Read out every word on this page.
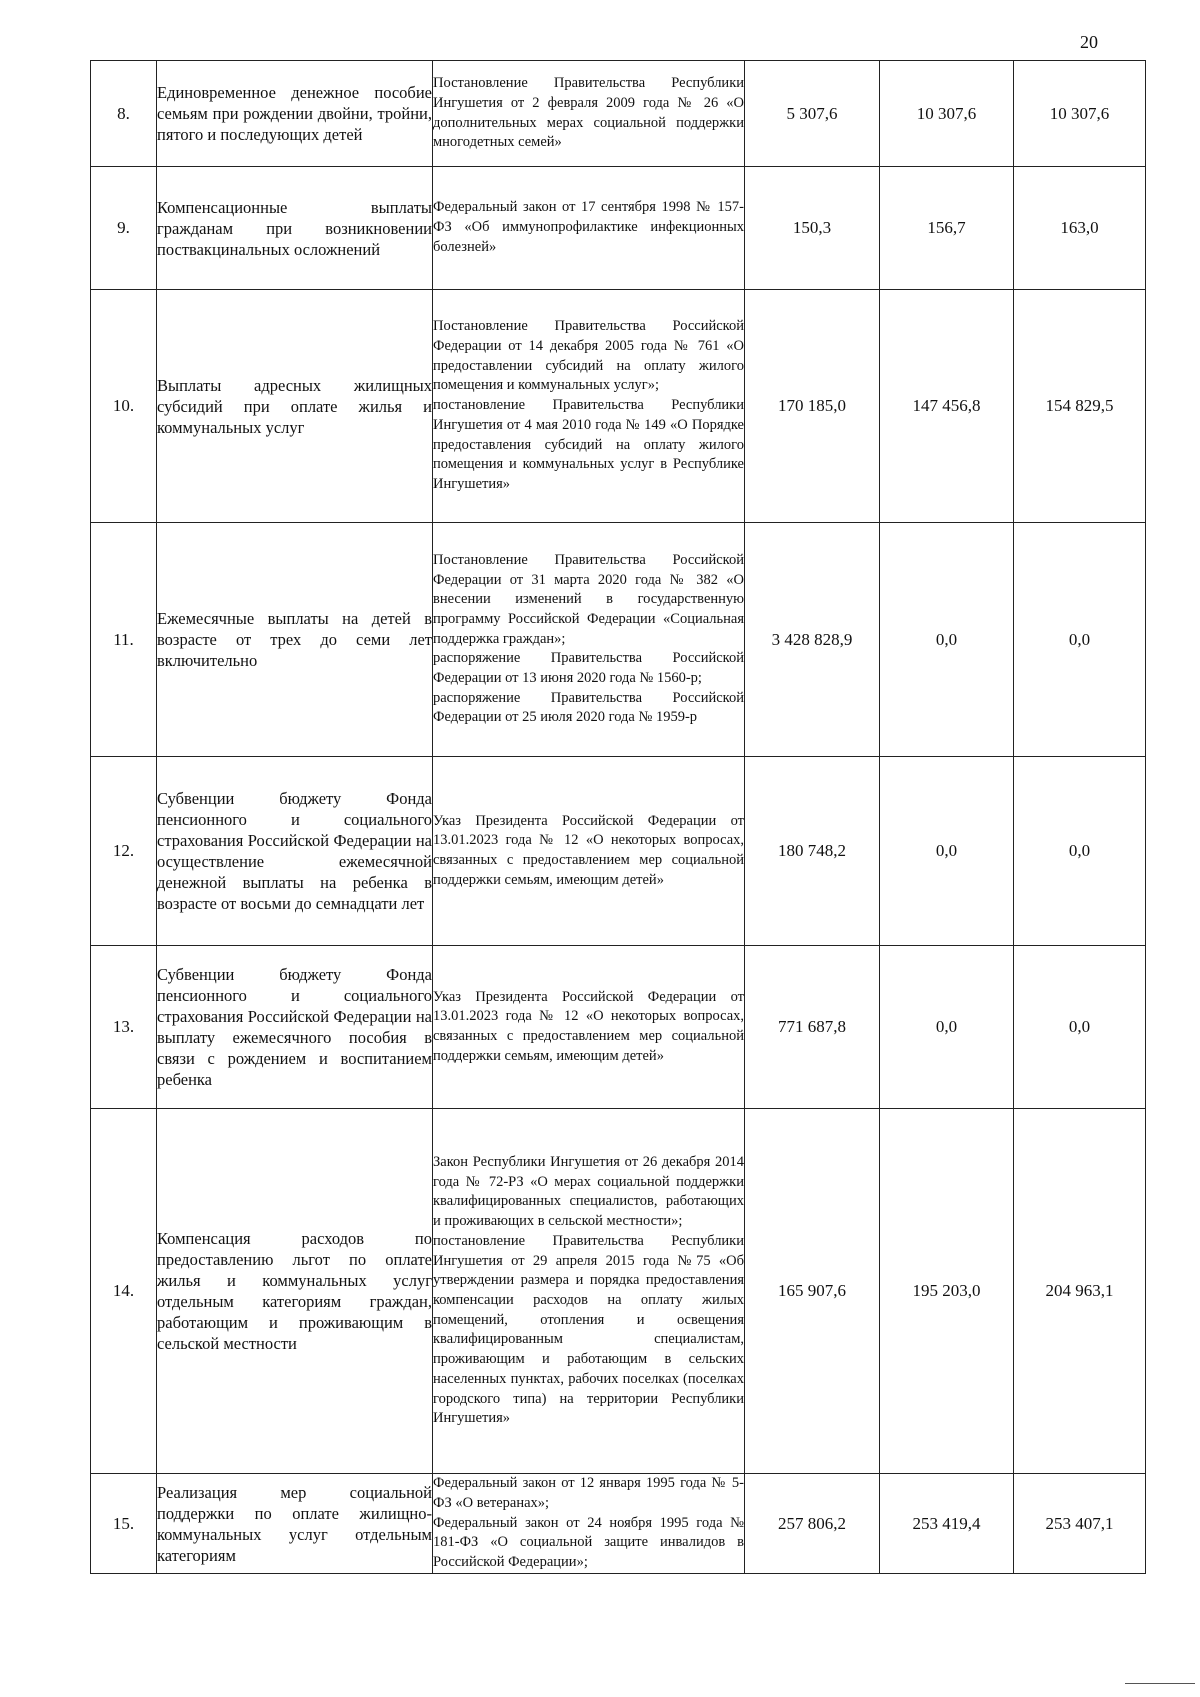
20
8.	Единовременное денежное пособие семьям при рождении двойни, тройни, пятого и последующих детей	Постановление Правительства Республики Ингушетия от 2 февраля 2009 года № 26 «О дополнительных мерах социальной поддержки многодетных семей»	5 307,6	10 307,6	10 307,6
9.	Компенсационные выплаты гражданам при возникновении поствакцинальных осложнений	Федеральный закон от 17 сентября 1998 № 157-ФЗ «Об иммунопрофилактике инфекционных болезней»	150,3	156,7	163,0
10.	Выплаты адресных жилищных субсидий при оплате жилья и коммунальных услуг	Постановление Правительства Российской Федерации от 14 декабря 2005 года № 761 «О предоставлении субсидий на оплату жилого помещения и коммунальных услуг»;
постановление Правительства Республики Ингушетия от 4 мая 2010 года № 149 «О Порядке предоставления субсидий на оплату жилого помещения и коммунальных услуг в Республике Ингушетия»	170 185,0	147 456,8	154 829,5
11.	Ежемесячные выплаты на детей в возрасте от трех до семи лет включительно	Постановление Правительства Российской Федерации от 31 марта 2020 года № 382 «О внесении изменений в государственную программу Российской Федерации «Социальная поддержка граждан»;
распоряжение Правительства Российской Федерации от 13 июня 2020 года № 1560-р;
распоряжение Правительства Российской Федерации от 25 июля 2020 года № 1959-р	3 428 828,9	0,0	0,0
12.	Субвенции бюджету Фонда пенсионного и социального страхования Российской Федерации на осуществление ежемесячной денежной выплаты на ребенка в возрасте от восьми до семнадцати лет	Указ Президента Российской Федерации от 13.01.2023 года № 12 «О некоторых вопросах, связанных с предоставлением мер социальной поддержки семьям, имеющим детей»	180 748,2	0,0	0,0
13.	Субвенции бюджету Фонда пенсионного и социального страхования Российской Федерации на выплату ежемесячного пособия в связи с рождением и воспитанием ребенка	Указ Президента Российской Федерации от 13.01.2023 года № 12 «О некоторых вопросах, связанных с предоставлением мер социальной поддержки семьям, имеющим детей»	771 687,8	0,0	0,0
14.	Компенсация расходов по предоставлению льгот по оплате жилья и коммунальных услуг отдельным категориям граждан, работающим и проживающим в сельской местности	Закон Республики Ингушетия от 26 декабря 2014 года № 72-РЗ «О мерах социальной поддержки квалифицированных специалистов, работающих и проживающих в сельской местности»;
постановление Правительства Республики Ингушетия от 29 апреля 2015 года №75 «Об утверждении размера и порядка предоставления компенсации расходов на оплату жилых помещений, отопления и освещения квалифицированным специалистам, проживающим и работающим в сельских населенных пунктах, рабочих поселках (поселках городского типа) на территории Республики Ингушетия»	165 907,6	195 203,0	204 963,1
15.	Реализация мер социальной поддержки по оплате жилищно-коммунальных услуг отдельным категориям	Федеральный закон от 12 января 1995 года № 5-ФЗ «О ветеранах»;
Федеральный закон от 24 ноября 1995 года № 181-ФЗ «О социальной защите инвалидов в Российской Федерации»;	257 806,2	253 419,4	253 407,1
